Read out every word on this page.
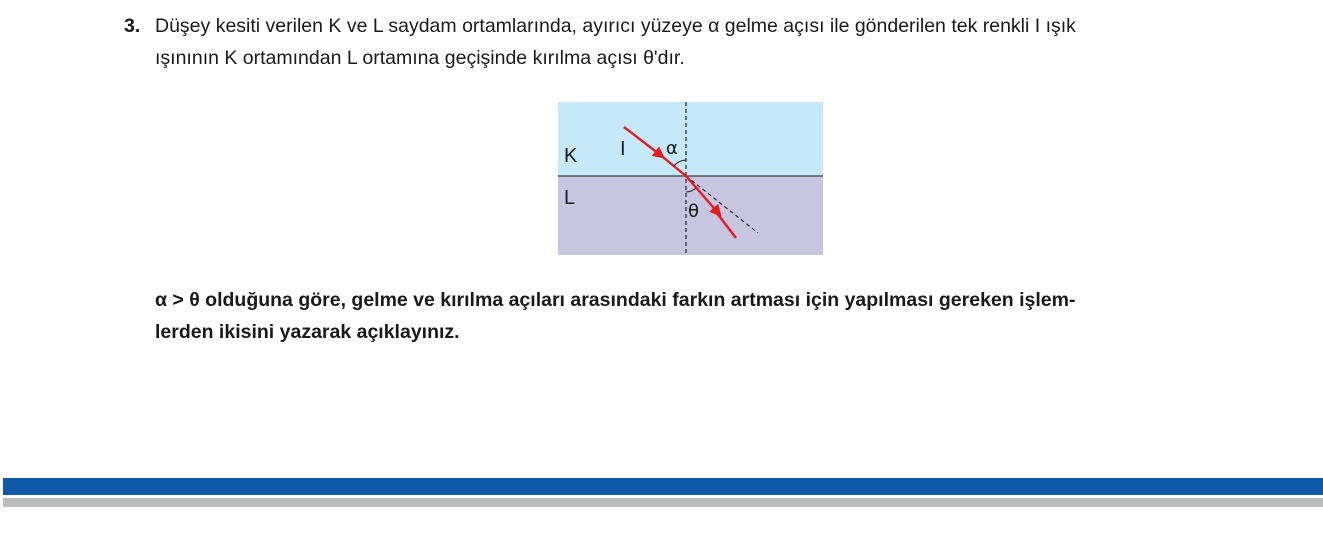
3. Düşey kesiti verilen K ve L saydam ortamlarında, ayırıcı yüzeye α gelme açısı ile gönderilen tek renkli I ışık
ışınının K ortamından L ortamına geçişinde kırılma açısı θ'dır.
K
L
I α
θ
α > θ olduğuna göre, gelme ve kırılma açıları arasındaki farkın artması için yapılması gereken işlem-
lerden ikisini yazarak açıklayınız.
